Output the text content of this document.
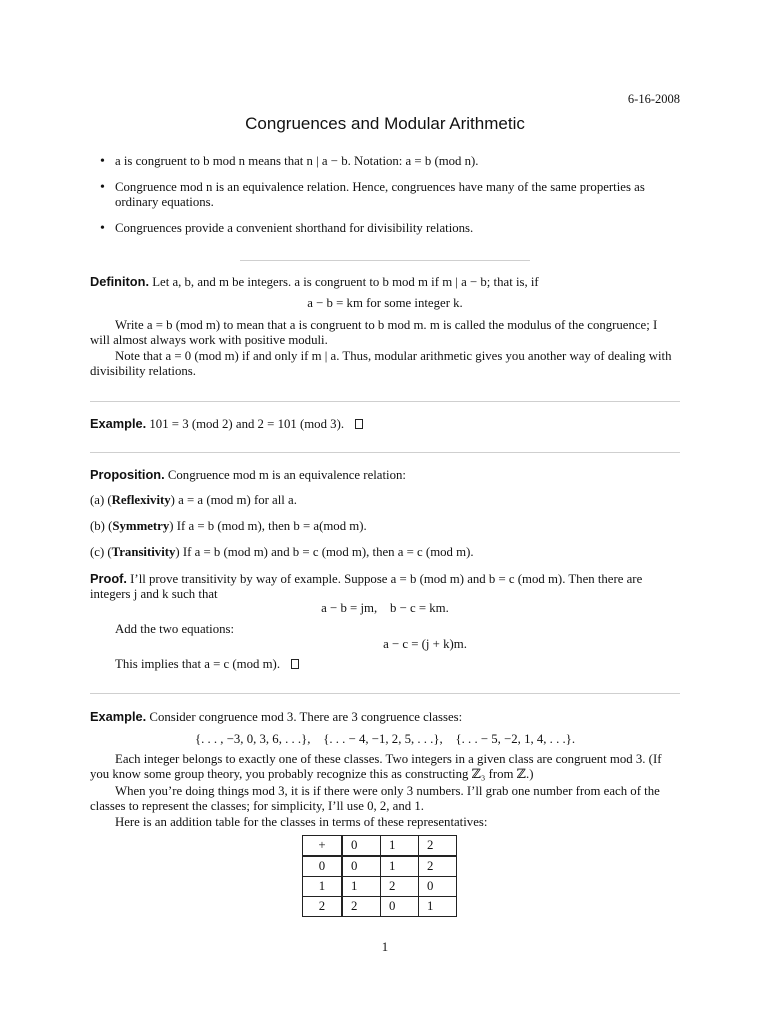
6-16-2008
Congruences and Modular Arithmetic
• a is congruent to b mod n means that n | a − b. Notation: a = b (mod n).
• Congruence mod n is an equivalence relation. Hence, congruences have many of the same properties as ordinary equations.
• Congruences provide a convenient shorthand for divisibility relations.
Definiton. Let a, b, and m be integers. a is congruent to b mod m if m | a − b; that is, if
a − b = km for some integer k.
Write a = b (mod m) to mean that a is congruent to b mod m. m is called the modulus of the congruence; I will almost always work with positive moduli.
Note that a = 0 (mod m) if and only if m | a. Thus, modular arithmetic gives you another way of dealing with divisibility relations.
Example. 101 = 3 (mod 2) and 2 = 101 (mod 3).
Proposition. Congruence mod m is an equivalence relation:
(a) (Reflexivity) a = a (mod m) for all a.
(b) (Symmetry) If a = b (mod m), then b = a(mod m).
(c) (Transitivity) If a = b (mod m) and b = c (mod m), then a = c (mod m).
Proof. I’ll prove transitivity by way of example. Suppose a = b (mod m) and b = c (mod m). Then there are integers j and k such that
a − b = jm,    b − c = km.
Add the two equations:
a − c = (j + k)m.
This implies that a = c (mod m).
Example. Consider congruence mod 3. There are 3 congruence classes:
{. . . , −3, 0, 3, 6, . . .},    {. . . − 4, −1, 2, 5, . . .},    {. . . − 5, −2, 1, 4, . . .}.
Each integer belongs to exactly one of these classes. Two integers in a given class are congruent mod 3. (If you know some group theory, you probably recognize this as constructing ℤ₃ from ℤ.)
When you’re doing things mod 3, it is if there were only 3 numbers. I’ll grab one number from each of the classes to represent the classes; for simplicity, I’ll use 0, 2, and 1.
Here is an addition table for the classes in terms of these representatives:
+	0	1	2
0	0	1	2
1	1	2	0
2	2	0	1
1
